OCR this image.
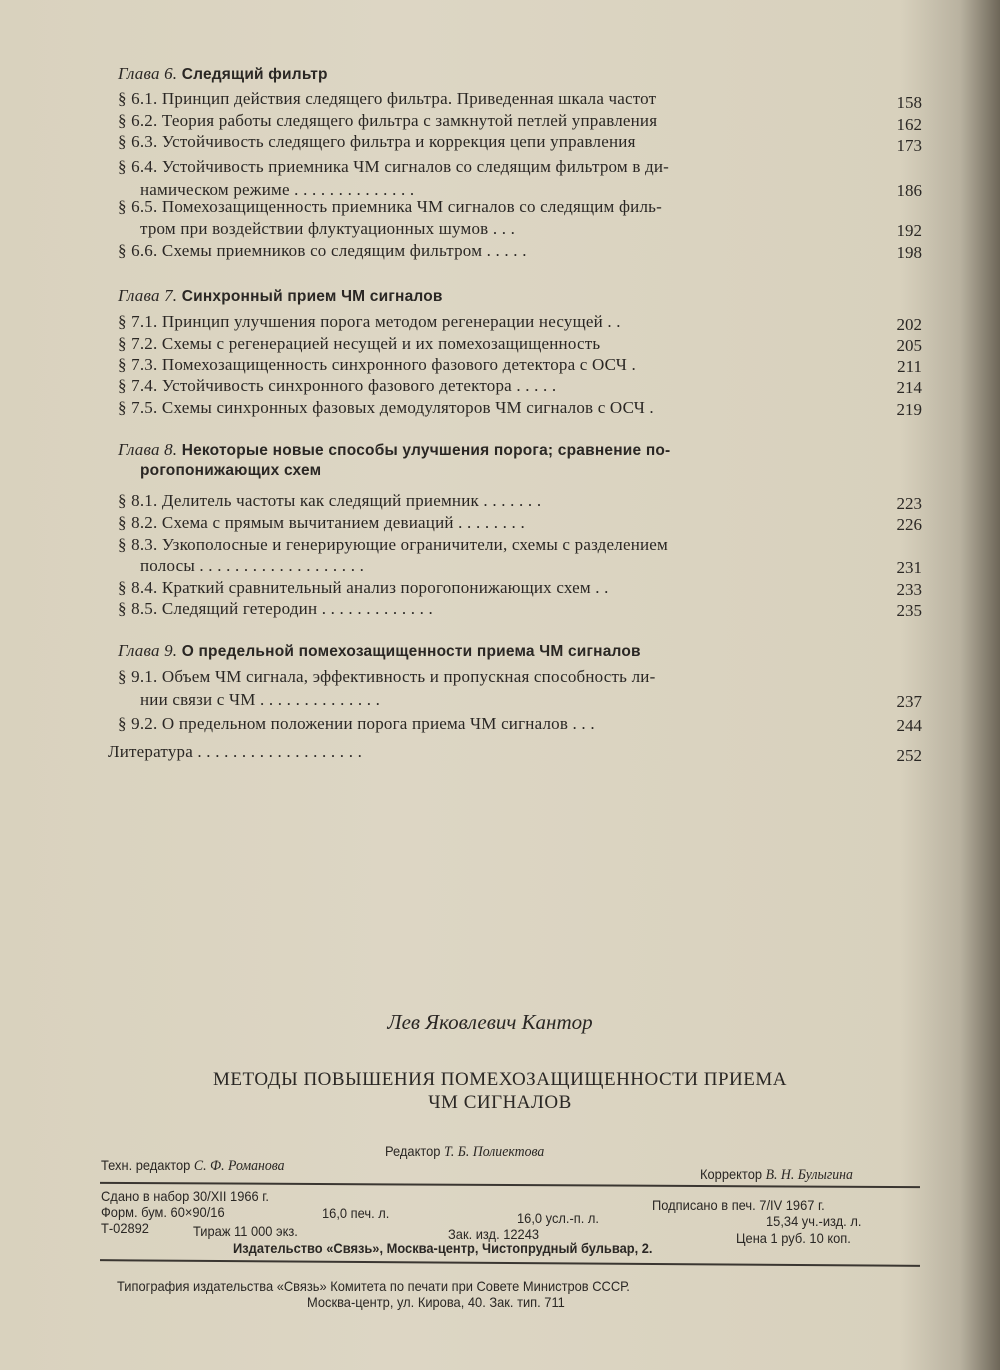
Глава 6. Следящий фильтр
§ 6.1. Принцип действия следящего фильтра. Приведенная шкала частот	158
§ 6.2. Теория работы следящего фильтра с замкнутой петлей управления	162
§ 6.3. Устойчивость следящего фильтра и коррекция цепи управления	173
§ 6.4. Устойчивость приемника ЧМ сигналов со следящим фильтром в ди-
намическом режиме . . . . . . . . . . . . . .	186
§ 6.5. Помехозащищенность приемника ЧМ сигналов со следящим филь-
тром при воздействии флуктуационных шумов . . .	192
§ 6.6. Схемы приемников со следящим фильтром . . . . .	198
Глава 7. Синхронный прием ЧМ сигналов
§ 7.1. Принцип улучшения порога методом регенерации несущей . .	202
§ 7.2. Схемы с регенерацией несущей и их помехозащищенность	205
§ 7.3. Помехозащищенность синхронного фазового детектора с ОСЧ .	211
§ 7.4. Устойчивость синхронного фазового детектора . . . . .	214
§ 7.5. Схемы синхронных фазовых демодуляторов ЧМ сигналов с ОСЧ .	219
Глава 8. Некоторые новые способы улучшения порога; сравнение по-
рогопонижающих схем
§ 8.1. Делитель частоты как следящий приемник . . . . . . .	223
§ 8.2. Схема с прямым вычитанием девиаций . . . . . . . .	226
§ 8.3. Узкополосные и генерирующие ограничители, схемы с разделением
полосы . . . . . . . . . . . . . . . . . . .	231
§ 8.4. Краткий сравнительный анализ порогопонижающих схем . .	233
§ 8.5. Следящий гетеродин . . . . . . . . . . . . .	235
Глава 9. О предельной помехозащищенности приема ЧМ сигналов
§ 9.1. Объем ЧМ сигнала, эффективность и пропускная способность ли-
нии связи с ЧМ . . . . . . . . . . . . . .	237
§ 9.2. О предельном положении порога приема ЧМ сигналов . . .	244
Литература . . . . . . . . . . . . . . . . . . .	252
Лев Яковлевич Кантор
МЕТОДЫ ПОВЫШЕНИЯ ПОМЕХОЗАЩИЩЕННОСТИ ПРИЕМА
ЧМ СИГНАЛОВ
Редактор Т. Б. Полиектова
Техн. редактор С. Ф. Романова	Корректор В. Н. Булыгина
Сдано в набор 30/XII 1966 г.
Подписано в печ. 7/IV 1967 г.
Форм. бум. 60×90/16	16,0 печ. л.	16,0 усл.-п. л.	15,34 уч.-изд. л.
Т-02892	Тираж 11 000 экз.	Зак. изд. 12243	Цена 1 руб. 10 коп.
Издательство «Связь», Москва-центр, Чистопрудный бульвар, 2.
Типография издательства «Связь» Комитета по печати при Совете Министров СССР.
Москва-центр, ул. Кирова, 40. Зак. тип. 711
